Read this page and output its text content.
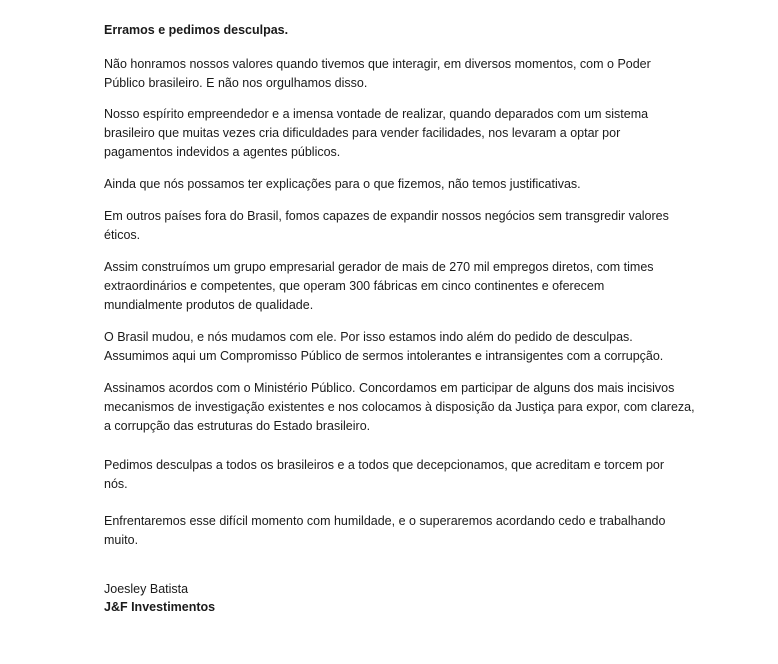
Erramos e pedimos desculpas.

Não honramos nossos valores quando tivemos que interagir, em diversos momentos, com o Poder
Público brasileiro. E não nos orgulhamos disso.

Nosso espírito empreendedor e a imensa vontade de realizar, quando deparados com um sistema
brasileiro que muitas vezes cria dificuldades para vender facilidades, nos levaram a optar por
pagamentos indevidos a agentes públicos.

Ainda que nós possamos ter explicações para o que fizemos, não temos justificativas.

Em outros países fora do Brasil, fomos capazes de expandir nossos negócios sem transgredir valores
éticos.

Assim construímos um grupo empresarial gerador de mais de 270 mil empregos diretos, com times
extraordinários e competentes, que operam 300 fábricas em cinco continentes e oferecem
mundialmente produtos de qualidade.

O Brasil mudou, e nós mudamos com ele. Por isso estamos indo além do pedido de desculpas.
Assumimos aqui um Compromisso Público de sermos intolerantes e intransigentes com a corrupção.

Assinamos acordos com o Ministério Público. Concordamos em participar de alguns dos mais incisivos
mecanismos de investigação existentes e nos colocamos à disposição da Justiça para expor, com clareza,
a corrupção das estruturas do Estado brasileiro.

Pedimos desculpas a todos os brasileiros e a todos que decepcionamos, que acreditam e torcem por
nós.

Enfrentaremos esse difícil momento com humildade, e o superaremos acordando cedo e trabalhando
muito.

Joesley Batista
J&F Investimentos
